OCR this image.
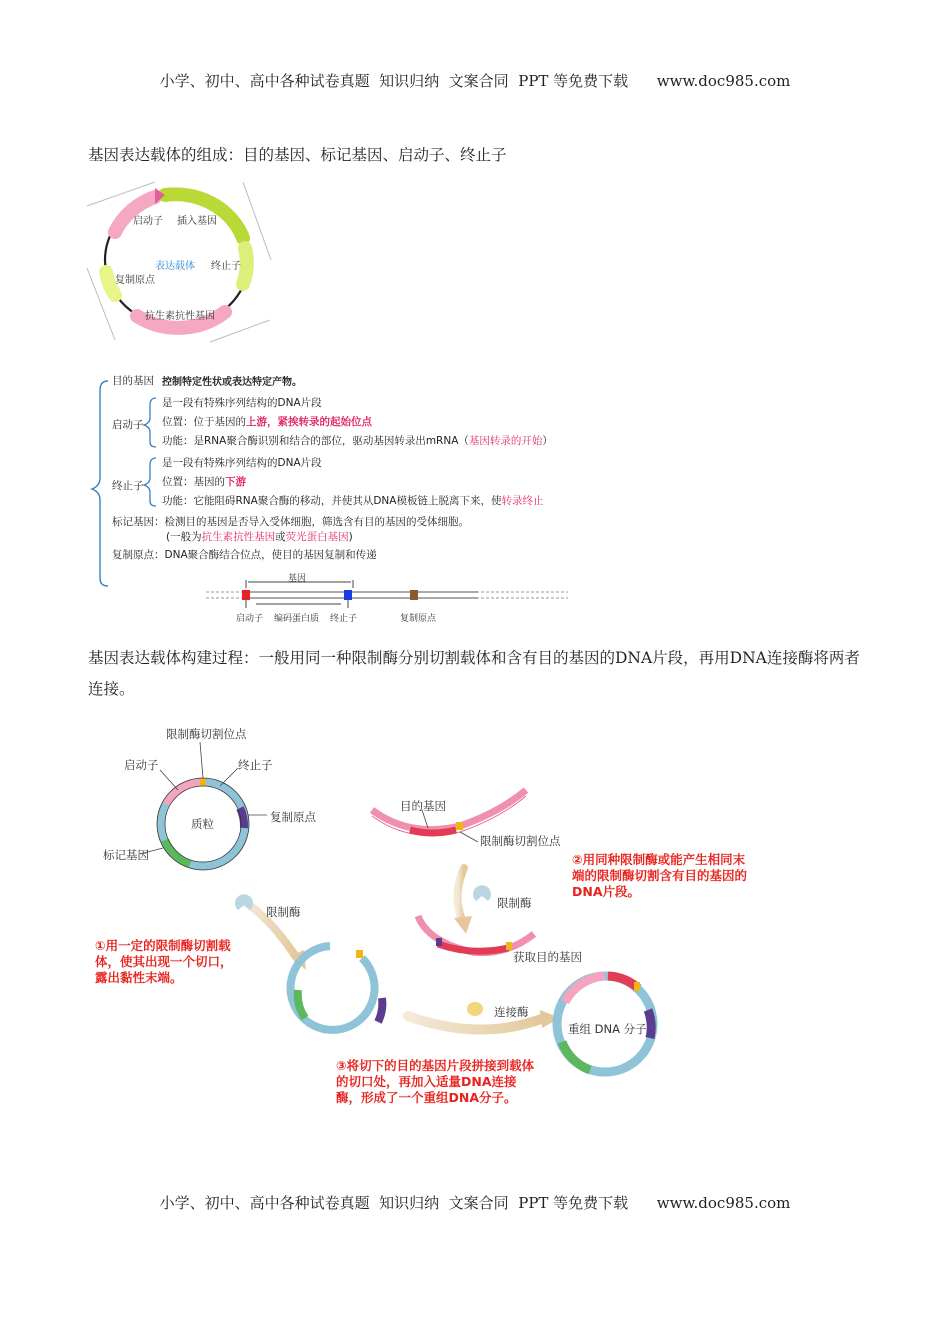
小学、初中、高中各种试卷真题  知识归纳  文案合同  PPT 等免费下载      www.doc985.com
基因表达载体的组成：目的基因、标记基因、启动子、终止子
启动子 插入基因
表达载体 终止子
复制原点
抗生素抗性基因
目的基因 控制特定性状或表达特定产物。
启动子
是一段有特殊序列结构的DNA片段
位置：位于基因的上游，紧挨转录的起始位点
功能：是RNA聚合酶识别和结合的部位，驱动基因转录出mRNA（基因转录的开始）
终止子
是一段有特殊序列结构的DNA片段
位置：基因的下游
功能：它能阻碍RNA聚合酶的移动，并使其从DNA模板链上脱离下来，使转录终止
标记基因：检测目的基因是否导入受体细胞，筛选含有目的基因的受体细胞。
(一般为抗生素抗性基因或荧光蛋白基因)
复制原点：DNA聚合酶结合位点，使目的基因复制和传递
基因
启动子 编码蛋白质 终止子	复制原点
基因表达载体构建过程：一般用同一种限制酶分别切割载体和含有目的基因的DNA片段，再用DNA连接酶将两者连接。
限制酶切割位点
启动子	终止子
质粒	复制原点
标记基因
目的基因
限制酶切割位点
②用同种限制酶或能产生相同末端的限制酶切割含有目的基因的DNA片段。
限制酶
限制酶
获取目的基因
①用一定的限制酶切割载体，使其出现一个切口，露出黏性末端。
连接酶
重组 DNA 分子
③将切下的目的基因片段拼接到载体的切口处，再加入适量DNA连接酶，形成了一个重组DNA分子。
小学、初中、高中各种试卷真题  知识归纳  文案合同  PPT 等免费下载      www.doc985.com
